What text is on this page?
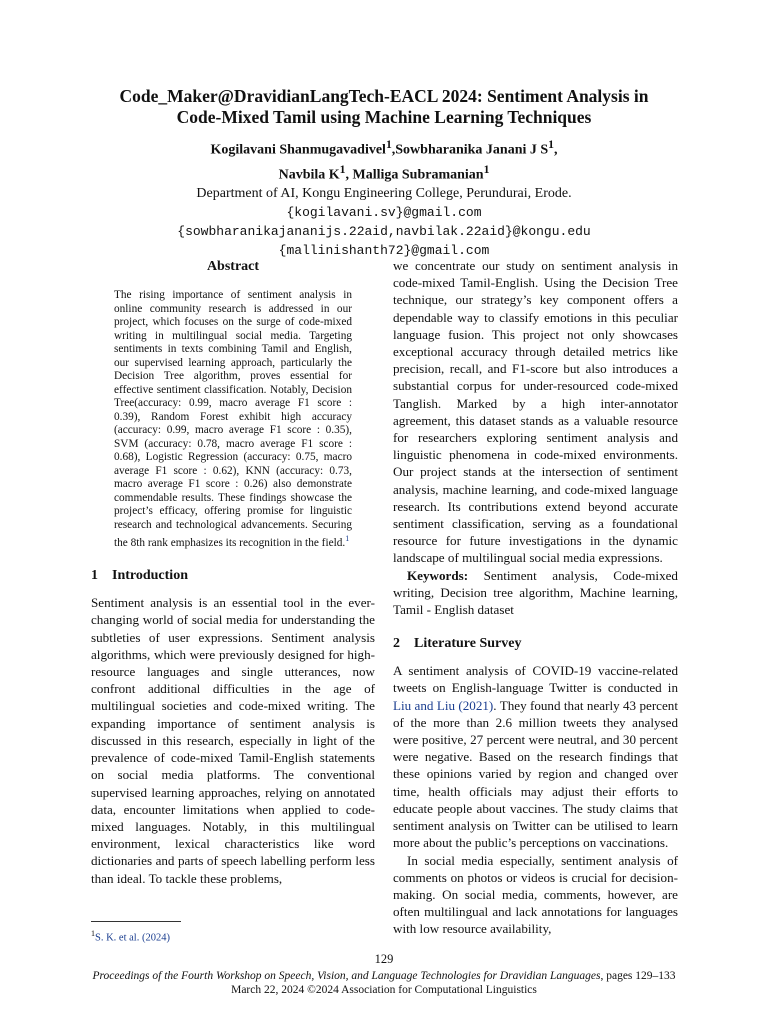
Code_Maker@DravidianLangTech-EACL 2024: Sentiment Analysis in
Code-Mixed Tamil using Machine Learning Techniques
Kogilavani Shanmugavadivel$^1$,Sowbharanika Janani J $S^1$,
Navbila $K^1$, Malliga Subramanian$^1$
Department of AI, Kongu Engineering College, Perundurai, Erode.
{kogilavani.sv}@gmail.com
{sowbharanikajananijs.22aid,navbilak.22aid}@kongu.edu
{mallinishanth72}@gmail.com
Abstract

The rising importance of sentiment analysis in online community research is addressed in our project, which focuses on the surge of code-mixed writing in multilingual social media. Targeting sentiments in texts combining Tamil and English, our supervised learning approach, particularly the Decision Tree algorithm, proves essential for effective sentiment classification. Notably, Decision Tree(accuracy: 0.99, macro average F1 score : 0.39), Random Forest exhibit high accuracy (accuracy: 0.99, macro average F1 score : 0.35), SVM (accuracy: 0.78, macro average F1 score : 0.68), Logistic Regression (accuracy: 0.75, macro average F1 score : 0.62), KNN (accuracy: 0.73, macro average F1 score : 0.26) also demonstrate commendable results. These findings showcase the project’s efficacy, offering promise for linguistic research and technological advancements. Securing the 8th rank emphasizes its recognition in the field.$^1$

1 Introduction

Sentiment analysis is an essential tool in the ever-changing world of social media for understanding the subtleties of user expressions. Sentiment analysis algorithms, which were previously designed for high-resource languages and single utterances, now confront additional difficulties in the age of multilingual societies and code-mixed writing. The expanding importance of sentiment analysis is discussed in this research, especially in light of the prevalence of code-mixed Tamil-English statements on social media platforms. The conventional supervised learning approaches, relying on annotated data, encounter limitations when applied to code-mixed languages. Notably, in this multilingual environment, lexical characteristics like word dictionaries and parts of speech labelling perform less than ideal. To tackle these problems,

we concentrate our study on sentiment analysis in code-mixed Tamil-English. Using the Decision Tree technique, our strategy’s key component offers a dependable way to classify emotions in this peculiar language fusion. This project not only showcases exceptional accuracy through detailed metrics like precision, recall, and F1-score but also introduces a substantial corpus for under-resourced code-mixed Tanglish. Marked by a high inter-annotator agreement, this dataset stands as a valuable resource for researchers exploring sentiment analysis and linguistic phenomena in code-mixed environments. Our project stands at the intersection of sentiment analysis, machine learning, and code-mixed language research. Its contributions extend beyond accurate sentiment classification, serving as a foundational resource for future investigations in the dynamic landscape of multilingual social media expressions.

Keywords: Sentiment analysis, Code-mixed writing, Decision tree algorithm, Machine learning, Tamil - English dataset

2 Literature Survey

A sentiment analysis of COVID-19 vaccine-related tweets on English-language Twitter is conducted in Liu and Liu (2021). They found that nearly 43 percent of the more than 2.6 million tweets they analysed were positive, 27 percent were neutral, and 30 percent were negative. Based on the research findings that these opinions varied by region and changed over time, health officials may adjust their efforts to educate people about vaccines. The study claims that sentiment analysis on Twitter can be utilised to learn more about the public’s perceptions on vaccinations.

In social media especially, sentiment analysis of comments on photos or videos is crucial for decision-making. On social media, comments, however, are often multilingual and lack annotations for languages with low resource availability,

$^1$S. K. et al. (2024)
129
Proceedings of the Fourth Workshop on Speech, Vision, and Language Technologies for Dravidian Languages, pages 129–133
March 22, 2024 ©2024 Association for Computational Linguistics
